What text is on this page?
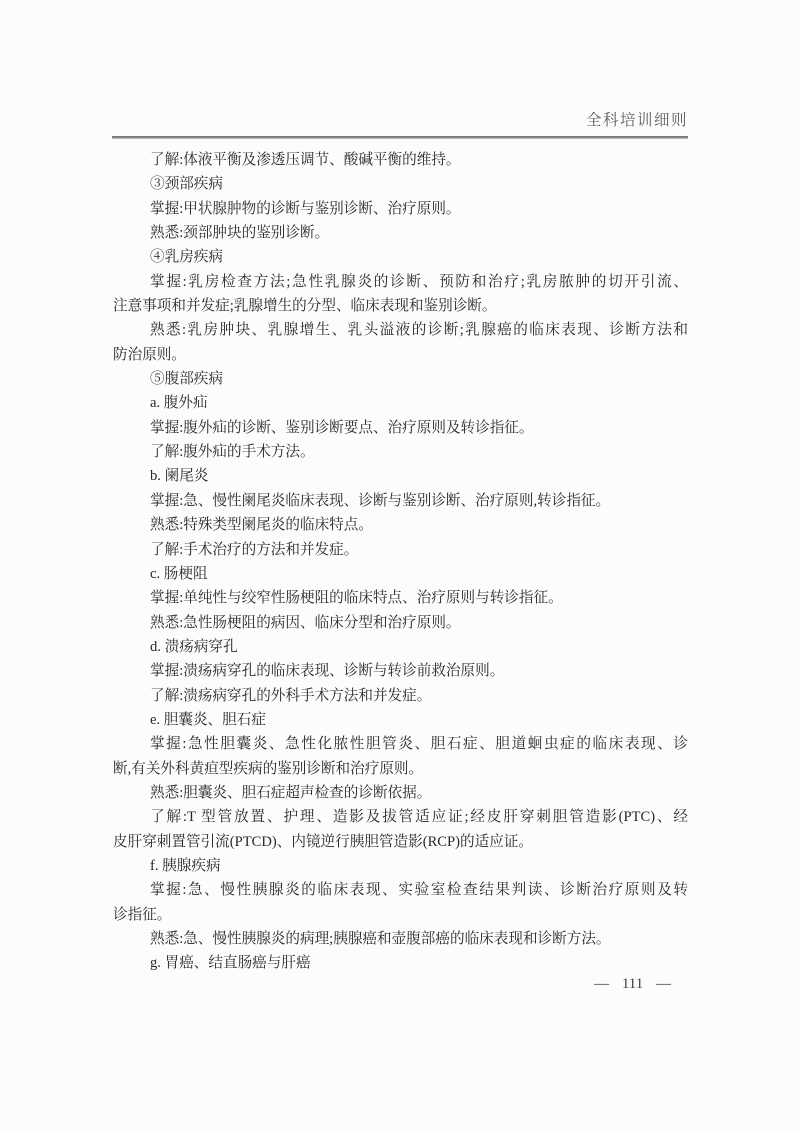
全科培训细则
了解:体液平衡及渗透压调节、酸碱平衡的维持。
③颈部疾病
掌握:甲状腺肿物的诊断与鉴别诊断、治疗原则。
熟悉:颈部肿块的鉴别诊断。
④乳房疾病
掌握:乳房检查方法;急性乳腺炎的诊断、预防和治疗;乳房脓肿的切开引流、
注意事项和并发症;乳腺增生的分型、临床表现和鉴别诊断。
熟悉:乳房肿块、乳腺增生、乳头溢液的诊断;乳腺癌的临床表现、诊断方法和
防治原则。
⑤腹部疾病
a. 腹外疝
掌握:腹外疝的诊断、鉴别诊断要点、治疗原则及转诊指征。
了解:腹外疝的手术方法。
b. 阑尾炎
掌握:急、慢性阑尾炎临床表现、诊断与鉴别诊断、治疗原则,转诊指征。
熟悉:特殊类型阑尾炎的临床特点。
了解:手术治疗的方法和并发症。
c. 肠梗阻
掌握:单纯性与绞窄性肠梗阻的临床特点、治疗原则与转诊指征。
熟悉:急性肠梗阻的病因、临床分型和治疗原则。
d. 溃疡病穿孔
掌握:溃疡病穿孔的临床表现、诊断与转诊前救治原则。
了解:溃疡病穿孔的外科手术方法和并发症。
e. 胆囊炎、胆石症
掌握:急性胆囊炎、急性化脓性胆管炎、胆石症、胆道蛔虫症的临床表现、诊
断,有关外科黄疸型疾病的鉴别诊断和治疗原则。
熟悉:胆囊炎、胆石症超声检查的诊断依据。
了解:T 型管放置、护理、造影及拔管适应证;经皮肝穿刺胆管造影(PTC)、经
皮肝穿刺置管引流(PTCD)、内镜逆行胰胆管造影(RCP)的适应证。
f. 胰腺疾病
掌握:急、慢性胰腺炎的临床表现、实验室检查结果判读、诊断治疗原则及转
诊指征。
熟悉:急、慢性胰腺炎的病理;胰腺癌和壶腹部癌的临床表现和诊断方法。
g. 胃癌、结直肠癌与肝癌
— 111 —
